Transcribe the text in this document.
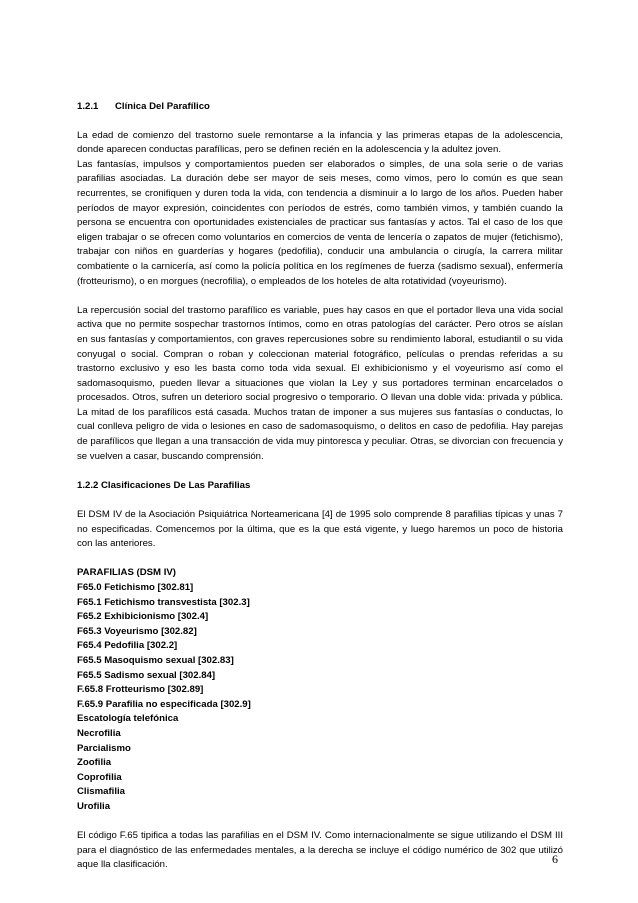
1.2.1 Clínica Del Parafílico

La edad de comienzo del trastorno suele remontarse a la infancia y las primeras etapas de la adolescencia, donde aparecen conductas parafílicas, pero se definen recién en la adolescencia y la adultez joven.

Las fantasías, impulsos y comportamientos pueden ser elaborados o simples, de una sola serie o de varias parafilias asociadas. La duración debe ser mayor de seis meses, como vimos, pero lo común es que sean recurrentes, se cronifiquen y duren toda la vida, con tendencia a disminuir a lo largo de los años. Pueden haber períodos de mayor expresión, coincidentes con períodos de estrés, como también vimos, y también cuando la persona se encuentra con oportunidades existenciales de practicar sus fantasías y actos. Tal el caso de los que eligen trabajar o se ofrecen como voluntarios en comercios de venta de lencería o zapatos de mujer (fetichismo), trabajar con niños en guarderías y hogares (pedofilia), conducir una ambulancia o cirugía, la carrera militar combatiente o la carnicería, así como la policía política en los regímenes de fuerza (sadismo sexual), enfermería (frotteurismo), o en morgues (necrofilia), o empleados de los hoteles de alta rotatividad (voyeurismo).

La repercusión social del trastorno parafílico es variable, pues hay casos en que el portador lleva una vida social activa que no permite sospechar trastornos íntimos, como en otras patologías del carácter. Pero otros se aíslan en sus fantasías y comportamientos, con graves repercusiones sobre su rendimiento laboral, estudiantil o su vida conyugal o social. Compran o roban y coleccionan material fotográfico, películas o prendas referidas a su trastorno exclusivo y eso les basta como toda vida sexual. El exhibicionismo y el voyeurismo así como el sadomasoquismo, pueden llevar a situaciones que violan la Ley y sus portadores terminan encarcelados o procesados. Otros, sufren un deterioro social progresivo o temporario. O llevan una doble vida: privada y pública. La mitad de los parafílicos está casada. Muchos tratan de imponer a sus mujeres sus fantasías o conductas, lo cual conlleva peligro de vida o lesiones en caso de sadomasoquismo, o delitos en caso de pedofilia. Hay parejas de parafílicos que llegan a una transacción de vida muy pintoresca y peculiar. Otras, se divorcian con frecuencia y se vuelven a casar, buscando comprensión.

1.2.2 Clasificaciones De Las Parafilias

El DSM IV de la Asociación Psiquiátrica Norteamericana [4] de 1995 solo comprende 8 parafilias típicas y unas 7 no especificadas. Comencemos por la última, que es la que está vigente, y luego haremos un poco de historia con las anteriores.

PARAFILIAS (DSM IV)
F65.0 Fetichismo [302.81]
F65.1 Fetichismo transvestista [302.3]
F65.2 Exhibicionismo [302.4]
F65.3 Voyeurismo [302.82]
F65.4 Pedofilia [302.2]
F65.5 Masoquismo sexual [302.83]
F65.5 Sadismo sexual [302.84]
F.65.8 Frotteurismo [302.89]
F.65.9 Parafilia no especificada [302.9]
Escatología telefónica
Necrofilia
Parcialismo
Zoofilia
Coprofilia
Clismafilia
Urofilia

El código F.65 tipifica a todas las parafilias en el DSM IV. Como internacionalmente se sigue utilizando el DSM III para el diagnóstico de las enfermedades mentales, a la derecha se incluye el código numérico de 302 que utilizó aque lla clasificación.	6
